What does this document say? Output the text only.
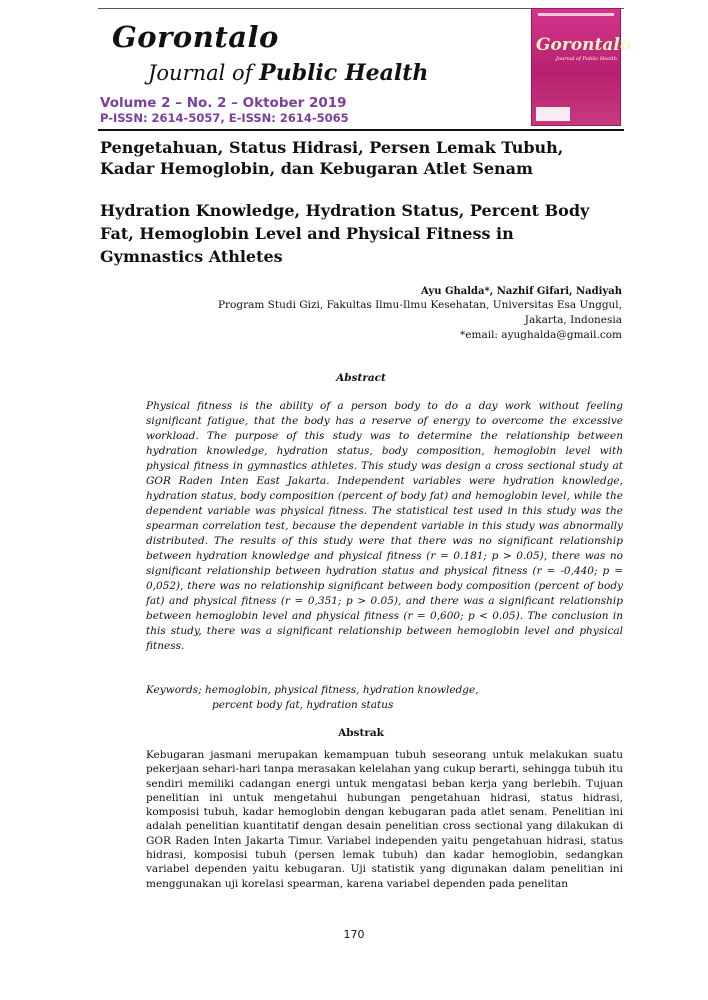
Gorontalo
Journal of Public Health
Volume 2 – No. 2 – Oktober 2019
P-ISSN: 2614-5057, E-ISSN: 2614-5065
Gorontalo
Journal of Public Health
Pengetahuan, Status Hidrasi, Persen Lemak Tubuh, Kadar Hemoglobin, dan Kebugaran Atlet Senam
Hydration Knowledge, Hydration Status, Percent Body Fat, Hemoglobin Level and Physical Fitness in Gymnastics Athletes
Ayu Ghalda*, Nazhif Gifari, Nadiyah
Program Studi Gizi, Fakultas Ilmu-Ilmu Kesehatan, Universitas Esa Unggul,
Jakarta, Indonesia
*email: ayughalda@gmail.com
Abstract
Physical fitness is the ability of a person body to do a day work without feeling significant fatigue, that the body has a reserve of energy to overcome the excessive workload. The purpose of this study was to determine the relationship between hydration knowledge, hydration status, body composition, hemoglobin level with physical fitness in gymnastics athletes. This study was design a cross sectional study at GOR Raden Inten East Jakarta. Independent variables were hydration knowledge, hydration status, body composition (percent of body fat) and hemoglobin level, while the dependent variable was physical fitness. The statistical test used in this study was the spearman correlation test, because the dependent variable in this study was abnormally distributed. The results of this study were that there was no significant relationship between hydration knowledge and physical fitness (r = 0.181; p > 0.05), there was no significant relationship between hydration status and physical fitness (r = -0,440; p = 0,052), there was no relationship significant between body composition (percent of body fat) and physical fitness (r = 0,351; p > 0.05), and there was a significant relationship between hemoglobin level and physical fitness (r = 0,600; p < 0.05). The conclusion in this study, there was a significant relationship between hemoglobin level and physical fitness.
Keywords; hemoglobin, physical fitness, hydration knowledge,
percent body fat, hydration status
Abstrak
Kebugaran jasmani merupakan kemampuan tubuh seseorang untuk melakukan suatu pekerjaan sehari-hari tanpa merasakan kelelahan yang cukup berarti, sehingga tubuh itu sendiri memiliki cadangan energi untuk mengatasi beban kerja yang berlebih. Tujuan penelitian ini untuk mengetahui hubungan pengetahuan hidrasi, status hidrasi, komposisi tubuh, kadar hemoglobin dengan kebugaran pada atlet senam. Penelitian ini adalah penelitian kuantitatif dengan desain penelitian cross sectional yang dilakukan di GOR Raden Inten Jakarta Timur. Variabel independen yaitu pengetahuan hidrasi, status hidrasi, komposisi tubuh (persen lemak tubuh) dan kadar hemoglobin, sedangkan variabel dependen yaitu kebugaran. Uji statistik yang digunakan dalam penelitian ini menggunakan uji korelasi spearman, karena variabel dependen pada penelitan
170
